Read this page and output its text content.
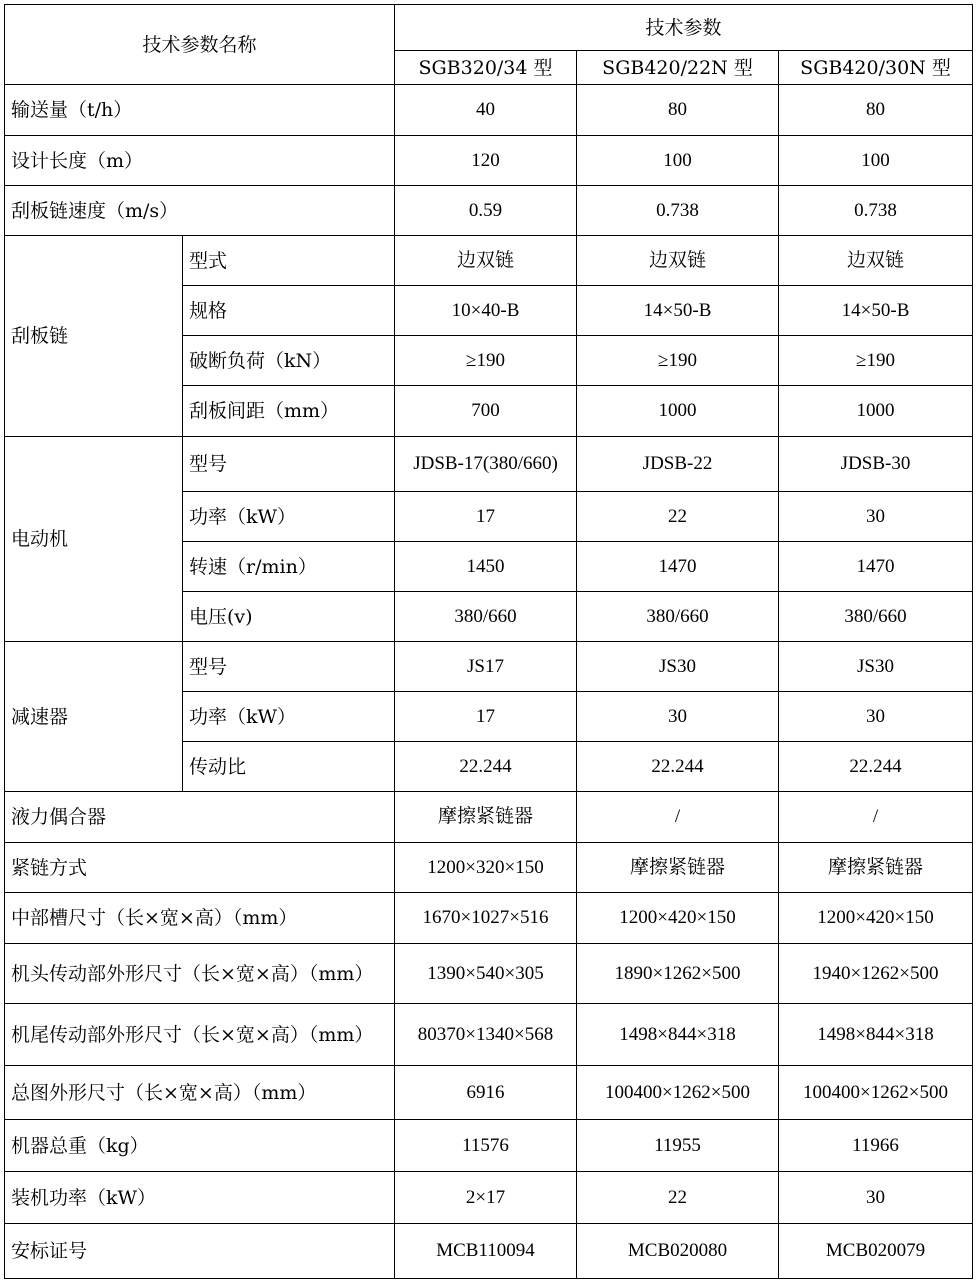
技术参数名称		技术参数		
		SGB320/34 型	SGB420/22N 型	SGB420/30N 型
输送量（t/h）		40	80	80
设计长度（m）		120	100	100
刮板链速度（m/s）		0.59	0.738	0.738
刮板链	型式	边双链	边双链	边双链
	规格	10×40-B	14×50-B	14×50-B
	破断负荷（kN）	≥190	≥190	≥190
	刮板间距（mm）	700	1000	1000
电动机	型号	JDSB-17(380/660)	JDSB-22	JDSB-30
	功率（kW）	17	22	30
	转速（r/min）	1450	1470	1470
	电压(v)	380/660	380/660	380/660
减速器	型号	JS17	JS30	JS30
	功率（kW）	17	30	30
	传动比	22.244	22.244	22.244
液力偶合器		摩擦紧链器	/	/
紧链方式		1200×320×150	摩擦紧链器	摩擦紧链器
中部槽尺寸（长×宽×高）（mm）		1670×1027×516	1200×420×150	1200×420×150
机头传动部外形尺寸（长×宽×高）（mm）		1390×540×305	1890×1262×500	1940×1262×500
机尾传动部外形尺寸（长×宽×高）（mm）		80370×1340×568	1498×844×318	1498×844×318
总图外形尺寸（长×宽×高）（mm）		6916	100400×1262×500	100400×1262×500
机器总重（kg）		11576	11955	11966
装机功率（kW）		2×17	22	30
安标证号		MCB110094	MCB020080	MCB020079
